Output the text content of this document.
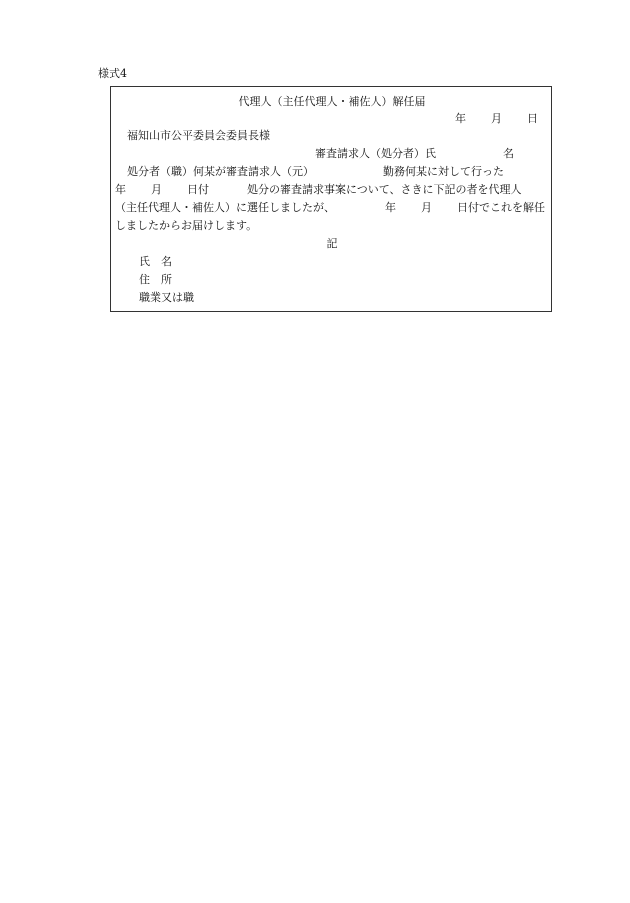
様式4
代理人（主任代理人・補佐人）解任届
年 月 日
福知山市公平委員会委員長様
審査請求人（処分者）氏	名
処分者（職）何某が審査請求人（元）	勤務何某に対して行った
年 月 日付	処分の審査請求事案について、さきに下記の者を代理人
（主任代理人・補佐人）に選任しましたが、	年 月 日付でこれを解任
しましたからお届けします。
記
氏　名
住　所
職業又は職
